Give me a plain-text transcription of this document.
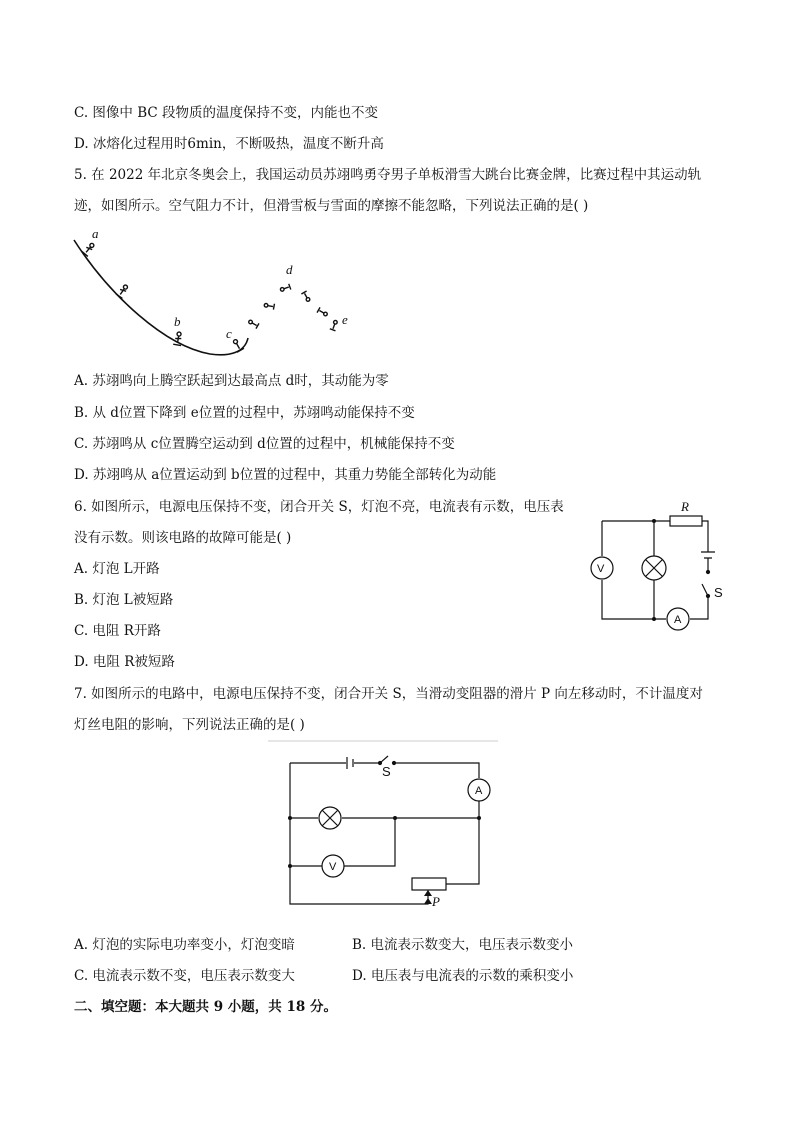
C. 图像中 BC 段物质的温度保持不变，内能也不变
D. 冰熔化过程用时6min，不断吸热，温度不断升高
5. 在 2022 年北京冬奥会上，我国运动员苏翊鸣勇夺男子单板滑雪大跳台比赛金牌，比赛过程中其运动轨
迹，如图所示。空气阻力不计，但滑雪板与雪面的摩擦不能忽略，下列说法正确的是( )
a
b
c
d
e
A. 苏翊鸣向上腾空跃起到达最高点 d时，其动能为零
B. 从 d位置下降到 e位置的过程中，苏翊鸣动能保持不变
C. 苏翊鸣从 c位置腾空运动到 d位置的过程中，机械能保持不变
D. 苏翊鸣从 a位置运动到 b位置的过程中，其重力势能全部转化为动能
6. 如图所示，电源电压保持不变，闭合开关 S，灯泡不亮，电流表有示数，电压表
没有示数。则该电路的故障可能是( )
A. 灯泡 L开路
B. 灯泡 L被短路
C. 电阻 R开路
D. 电阻 R被短路
R
V
A
S
7. 如图所示的电路中，电源电压保持不变，闭合开关 S，当滑动变阻器的滑片 P 向左移动时，不计温度对
灯丝电阻的影响，下列说法正确的是( )
S
A
V
P
A. 灯泡的实际电功率变小，灯泡变暗	B. 电流表示数变大，电压表示数变小
C. 电流表示数不变，电压表示数变大	D. 电压表与电流表的示数的乘积变小
二、填空题：本大题共 9 小题，共 18 分。
